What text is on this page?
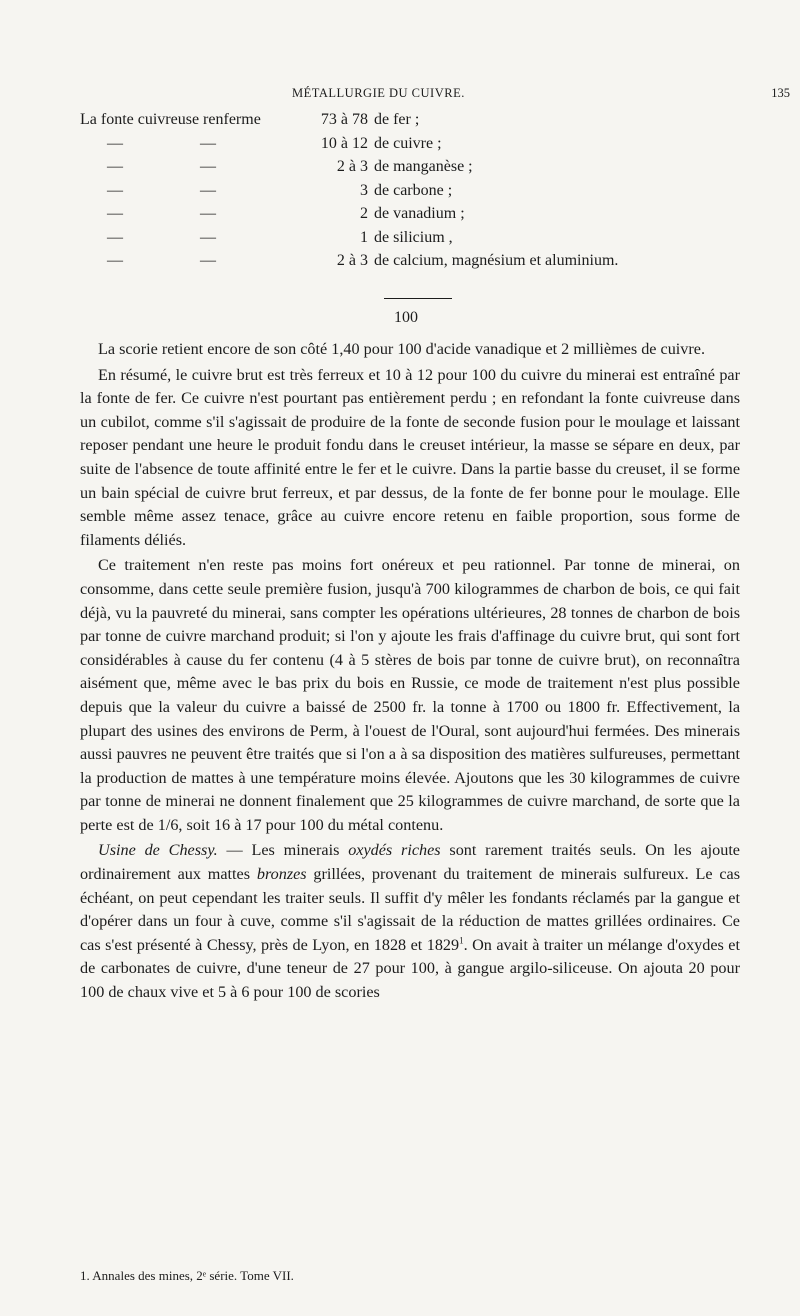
MÉTALLURGIE DU CUIVRE.	135
La fonte cuivreuse renferme	73 à 78 de fer ;
—	—	10 à 12 de cuivre ;
—	—	2 à 3 de manganèse ;
—	—	3 de carbone ;
—	—	2 de vanadium ;
—	—	1 de silicium ,
—	—	2 à 3 de calcium, magnésium et aluminium.
100

La scorie retient encore de son côté 1,40 pour 100 d'acide vanadique et 2 millièmes de cuivre.

En résumé, le cuivre brut est très ferreux et 10 à 12 pour 100 du cuivre du minerai est entraîné par la fonte de fer. Ce cuivre n'est pourtant pas entièrement perdu ; en refondant la fonte cuivreuse dans un cubilot, comme s'il s'agissait de produire de la fonte de seconde fusion pour le moulage et laissant reposer pendant une heure le produit fondu dans le creuset intérieur, la masse se sépare en deux, par suite de l'absence de toute affinité entre le fer et le cuivre. Dans la partie basse du creuset, il se forme un bain spécial de cuivre brut ferreux, et par dessus, de la fonte de fer bonne pour le moulage. Elle semble même assez tenace, grâce au cuivre encore retenu en faible proportion, sous forme de filaments déliés.

Ce traitement n'en reste pas moins fort onéreux et peu rationnel. Par tonne de minerai, on consomme, dans cette seule première fusion, jusqu'à 700 kilogrammes de charbon de bois, ce qui fait déjà, vu la pauvreté du minerai, sans compter les opérations ultérieures, 28 tonnes de charbon de bois par tonne de cuivre marchand produit; si l'on y ajoute les frais d'affinage du cuivre brut, qui sont fort considérables à cause du fer contenu (4 à 5 stères de bois par tonne de cuivre brut), on reconnaîtra aisément que, même avec le bas prix du bois en Russie, ce mode de traitement n'est plus possible depuis que la valeur du cuivre a baissé de 2500 fr. la tonne à 1700 ou 1800 fr. Effectivement, la plupart des usines des environs de Perm, à l'ouest de l'Oural, sont aujourd'hui fermées. Des minerais aussi pauvres ne peuvent être traités que si l'on a à sa disposition des matières sulfureuses, permettant la production de mattes à une température moins élevée. Ajoutons que les 30 kilogrammes de cuivre par tonne de minerai ne donnent finalement que 25 kilogrammes de cuivre marchand, de sorte que la perte est de 1/6, soit 16 à 17 pour 100 du métal contenu.

Usine de Chessy. — Les minerais oxydés riches sont rarement traités seuls. On les ajoute ordinairement aux mattes bronzes grillées, provenant du traitement de minerais sulfureux. Le cas échéant, on peut cependant les traiter seuls. Il suffit d'y mêler les fondants réclamés par la gangue et d'opérer dans un four à cuve, comme s'il s'agissait de la réduction de mattes grillées ordinaires. Ce cas s'est présenté à Chessy, près de Lyon, en 1828 et 1829$^1$. On avait à traiter un mélange d'oxydes et de carbonates de cuivre, d'une teneur de 27 pour 100, à gangue argilo-siliceuse. On ajouta 20 pour 100 de chaux vive et 5 à 6 pour 100 de scories

1. Annales des mines, 2ᵉ série. Tome VII.
